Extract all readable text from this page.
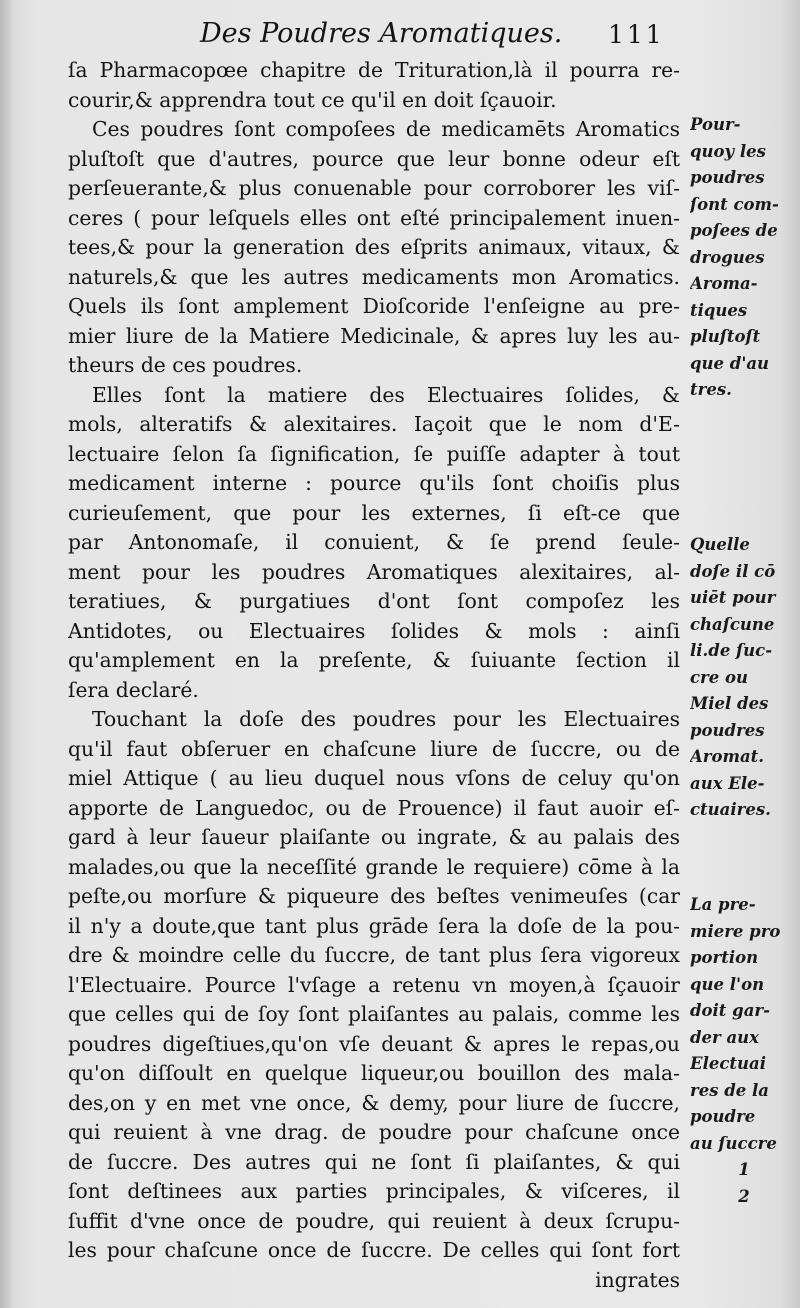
Des Poudres Aromatiques. 111
ſa Pharmacopœe chapitre de Trituration,là il pourra re-
courir,& apprendra tout ce qu'il en doit ſçauoir.
Ces poudres ſont compoſees de medicamēts Aromatics
pluſtoſt que d'autres, pource que leur bonne odeur eſt
perſeuerante,& plus conuenable pour corroborer les viſ-
ceres ( pour leſquels elles ont eſté principalement inuen-
tees,& pour la generation des eſprits animaux, vitaux, &
naturels,& que les autres medicaments mon Aromatics.
Quels ils ſont amplement Dioſcoride l'enſeigne au pre-
mier liure de la Matiere Medicinale, & apres luy les au-
theurs de ces poudres.
Elles ſont la matiere des Electuaires ſolides, &
mols, alteratifs & alexitaires. Iaçoit que le nom d'E-
lectuaire ſelon ſa ſignification, ſe puiſſe adapter à tout
medicament interne : pource qu'ils ſont choiſis plus
curieuſement, que pour les externes, ſi eſt-ce que
par Antonomaſe, il conuient, & ſe prend ſeule-
ment pour les poudres Aromatiques alexitaires, al-
teratiues, & purgatiues d'ont ſont compoſez les
Antidotes, ou Electuaires ſolides & mols : ainſi
qu'amplement en la preſente, & ſuiuante ſection il
ſera declaré.
Touchant la doſe des poudres pour les Electuaires
qu'il faut obſeruer en chaſcune liure de ſuccre, ou de
miel Attique ( au lieu duquel nous vſons de celuy qu'on
apporte de Languedoc, ou de Prouence) il faut auoir eſ-
gard à leur ſaueur plaiſante ou ingrate, & au palais des
malades,ou que la neceſſité grande le requiere) cōme à la
peſte,ou morſure & piqueure des beſtes venimeuſes (car
il n'y a doute,que tant plus grāde ſera la doſe de la pou-
dre & moindre celle du ſuccre, de tant plus ſera vigoreux
l'Electuaire. Pource l'vſage a retenu vn moyen,à ſçauoir
que celles qui de ſoy ſont plaiſantes au palais, comme les
poudres digeſtiues,qu'on vſe deuant & apres le repas,ou
qu'on diſſoult en quelque liqueur,ou bouillon des mala-
des,on y en met vne once, & demy, pour liure de ſuccre,
qui reuient à vne drag. de poudre pour chaſcune once
de ſuccre. Des autres qui ne ſont ſi plaiſantes, & qui
ſont deſtinees aux parties principales, & viſceres, il
ſuffit d'vne once de poudre, qui reuient à deux ſcrupu-
les pour chaſcune once de ſuccre. De celles qui ſont fort
ingrates
Pour-
quoy les
poudres
ſont com-
poſees de
drogues
Aroma-
tiques
pluſtoſt
que d'au
tres.
Quelle
doſe il cō
uiēt pour
chaſcune
li.de ſuc-
cre ou
Miel des
poudres
Aromat.
aux Ele-
ctuaires.
La pre-
miere pro
portion
que l'on
doit gar-
der aux
Electuai
res de la
poudre
au ſuccre
1
2
